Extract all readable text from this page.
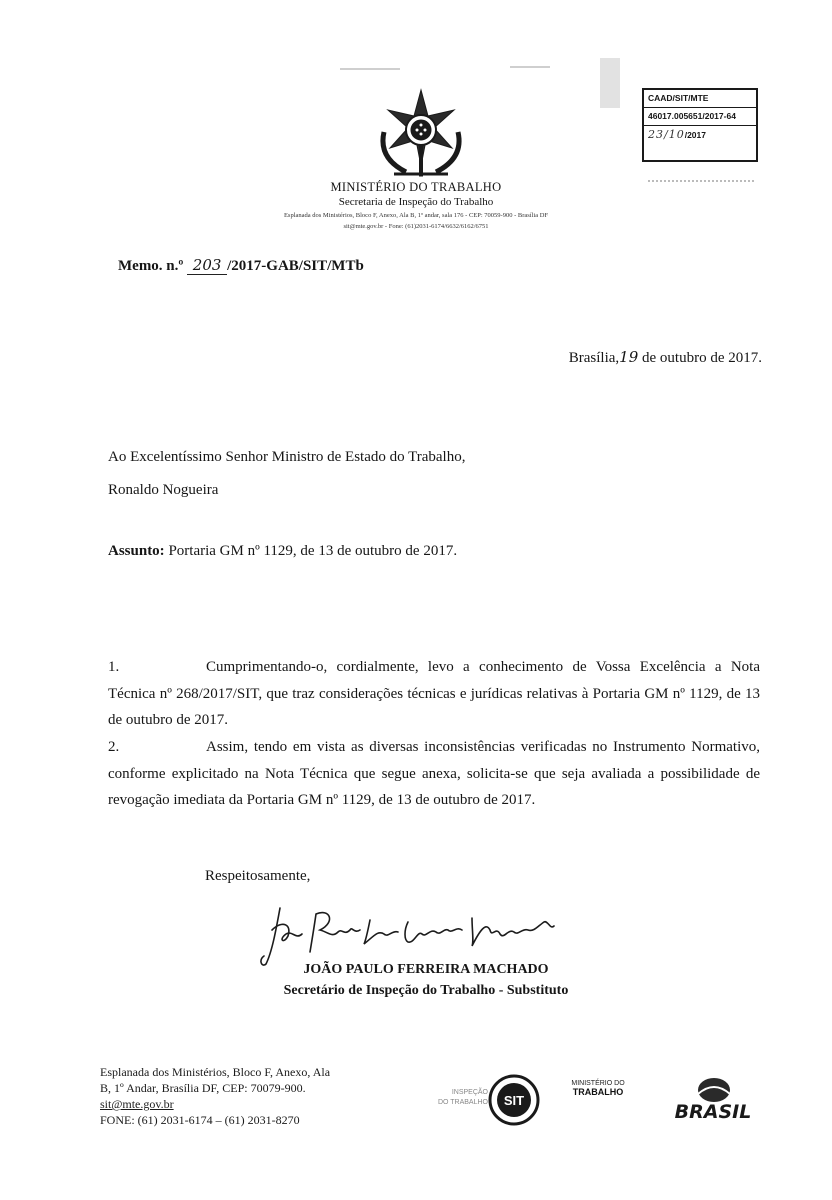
CAAD/SIT/MTE
46017.005651/2017-64
23/10/2017
MINISTÉRIO DO TRABALHO
Secretaria de Inspeção do Trabalho
Esplanada dos Ministérios, Bloco F, Anexo, Ala B, 1º andar, sala 176 - CEP: 70059-900 - Brasília DF
sit@mte.gov.br - Fone: (61)2031-6174/6632/6162/6751
Memo. n.º 203 /2017-GAB/SIT/MTb
Brasília,19 de outubro de 2017.
Ao Excelentíssimo Senhor Ministro de Estado do Trabalho,
Ronaldo Nogueira
Assunto: Portaria GM nº 1129, de 13 de outubro de 2017.
1.	Cumprimentando-o, cordialmente, levo a conhecimento de Vossa Excelência a Nota Técnica nº 268/2017/SIT, que traz considerações técnicas e jurídicas relativas à Portaria GM nº 1129, de 13 de outubro de 2017.
2.	Assim, tendo em vista as diversas inconsistências verificadas no Instrumento Normativo, conforme explicitado na Nota Técnica que segue anexa, solicita-se que seja avaliada a possibilidade de revogação imediata da Portaria GM nº 1129, de 13 de outubro de 2017.
Respeitosamente,
JOÃO PAULO FERREIRA MACHADO
Secretário de Inspeção do Trabalho - Substituto
Esplanada dos Ministérios, Bloco F, Anexo, Ala
B, 1º Andar, Brasília DF, CEP: 70079-900.
sit@mte.gov.br
FONE: (61) 2031-6174 – (61) 2031-8270
INSPEÇÃO
DO TRABALHO SIT
MINISTÉRIO DO
TRABALHO
BRASIL
